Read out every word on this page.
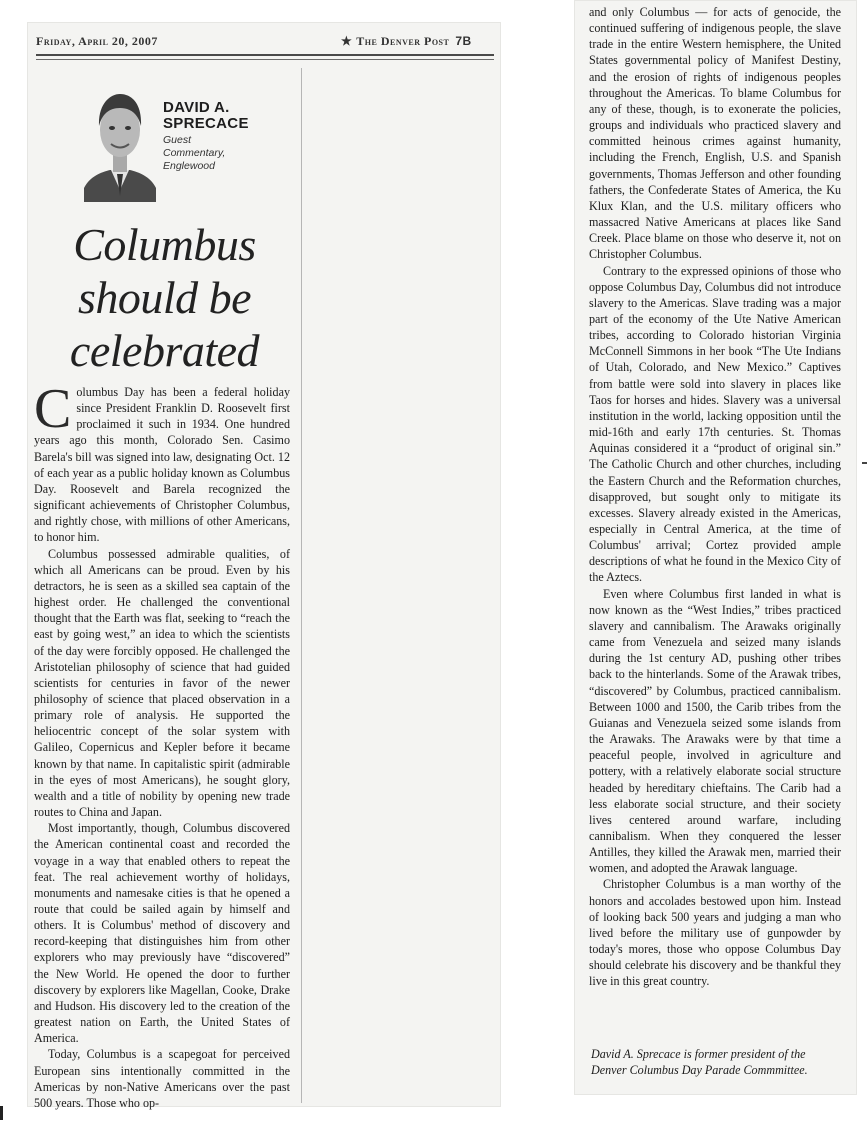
Friday, April 20, 2007	★ The Denver Post 7B
DAVID A. SPRECACE
Guest
Commentary,
Englewood
Columbus
should be
celebrated

Columbus Day has been a federal holiday since President Franklin D. Roosevelt first proclaimed it such in 1934. One hundred years ago this month, Colorado Sen. Casimo Barela's bill was signed into law, designating Oct. 12 of each year as a public holiday known as Columbus Day. Roosevelt and Barela recognized the significant achievements of Christopher Columbus, and rightly chose, with millions of other Americans, to honor him.

Columbus possessed admirable qualities, of which all Americans can be proud. Even by his detractors, he is seen as a skilled sea captain of the highest order. He challenged the conventional thought that the Earth was flat, seeking to “reach the east by going west,” an idea to which the scientists of the day were forcibly opposed. He challenged the Aristotelian philosophy of science that had guided scientists for centuries in favor of the newer philosophy of science that placed observation in a primary role of analysis. He supported the heliocentric concept of the solar system with Galileo, Copernicus and Kepler before it became known by that name. In capitalistic spirit (admirable in the eyes of most Americans), he sought glory, wealth and a title of nobility by opening new trade routes to China and Japan.

Most importantly, though, Columbus discovered the American continental coast and recorded the voyage in a way that enabled others to repeat the feat. The real achievement worthy of holidays, monuments and namesake cities is that he opened a route that could be sailed again by himself and others. It is Columbus' method of discovery and record-keeping that distinguishes him from other explorers who may previously have “discovered” the New World. He opened the door to further discovery by explorers like Magellan, Cooke, Drake and Hudson. His discovery led to the creation of the greatest nation on Earth, the United States of America.

Today, Columbus is a scapegoat for perceived European sins intentionally committed in the Americas by non-Native Americans over the past 500 years. Those who op-

and only Columbus — for acts of genocide, the continued suffering of indigenous people, the slave trade in the entire Western hemisphere, the United States governmental policy of Manifest Destiny, and the erosion of rights of indigenous peoples throughout the Americas. To blame Columbus for any of these, though, is to exonerate the policies, groups and individuals who practiced slavery and committed heinous crimes against humanity, including the French, English, U.S. and Spanish governments, Thomas Jefferson and other founding fathers, the Confederate States of America, the Ku Klux Klan, and the U.S. military officers who massacred Native Americans at places like Sand Creek. Place blame on those who deserve it, not on Christopher Columbus.

Contrary to the expressed opinions of those who oppose Columbus Day, Columbus did not introduce slavery to the Americas. Slave trading was a major part of the economy of the Ute Native American tribes, according to Colorado historian Virginia McConnell Simmons in her book “The Ute Indians of Utah, Colorado, and New Mexico.” Captives from battle were sold into slavery in places like Taos for horses and hides. Slavery was a universal institution in the world, lacking opposition until the mid-16th and early 17th centuries. St. Thomas Aquinas considered it a “product of original sin.” The Catholic Church and other churches, including the Eastern Church and the Reformation churches, disapproved, but sought only to mitigate its excesses. Slavery already existed in the Americas, especially in Central America, at the time of Columbus' arrival; Cortez provided ample descriptions of what he found in the Mexico City of the Aztecs.

Even where Columbus first landed in what is now known as the “West Indies,” tribes practiced slavery and cannibalism. The Arawaks originally came from Venezuela and seized many islands during the 1st century AD, pushing other tribes back to the hinterlands. Some of the Arawak tribes, “discovered” by Columbus, practiced cannibalism. Between 1000 and 1500, the Carib tribes from the Guianas and Venezuela seized some islands from the Arawaks. The Arawaks were by that time a peaceful people, involved in agriculture and pottery, with a relatively elaborate social structure headed by hereditary chieftains. The Carib had a less elaborate social structure, and their society lives centered around warfare, including cannibalism. When they conquered the lesser Antilles, they killed the Arawak men, married their women, and adopted the Arawak language.

Christopher Columbus is a man worthy of the honors and accolades bestowed upon him. Instead of looking back 500 years and judging a man who lived before the military use of gunpowder by today's mores, those who oppose Columbus Day should celebrate his discovery and be thankful they live in this great country.

David A. Sprecace is former president of the Denver Columbus Day Parade Commmittee.
